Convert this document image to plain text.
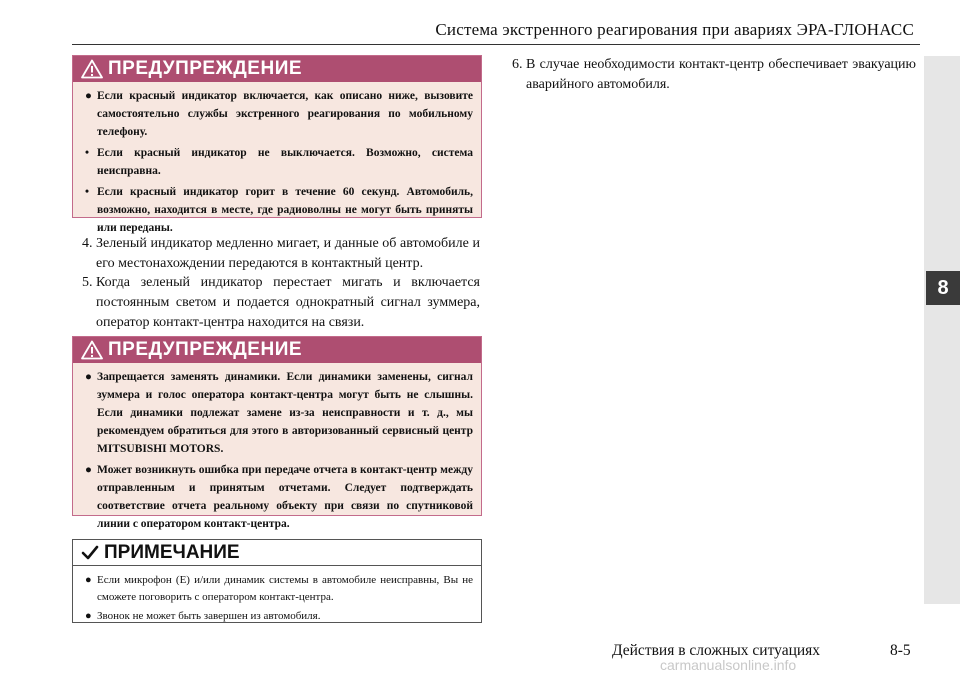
Система экстренного реагирования при авариях ЭРА-ГЛОНАСС
8
ПРЕДУПРЕЖДЕНИЕ

● Если красный индикатор включается, как описано ниже, вызовите самостоятельно службы экстренного реагирования по мобильному телефону.

• Если красный индикатор не выключается. Возможно, система неисправна.

• Если красный индикатор горит в течение 60 секунд. Автомобиль, возможно, находится в месте, где радиоволны не могут быть приняты или переданы.

4. Зеленый индикатор медленно мигает, и данные об автомобиле и его местонахождении передаются в контактный центр.
5. Когда зеленый индикатор перестает мигать и включается постоянным светом и подается однократный сигнал зуммера, оператор контакт-центра находится на связи.
ПРЕДУПРЕЖДЕНИЕ

● Запрещается заменять динамики. Если динамики заменены, сигнал зуммера и голос оператора контакт-центра могут быть не слышны. Если динамики подлежат замене из-за неисправности и т. д., мы рекомендуем обратиться для этого в авторизованный сервисный центр MITSUBISHI MOTORS.

● Может возникнуть ошибка при передаче отчета в контакт-центр между отправленным и принятым отчетами. Следует подтверждать соответствие отчета реальному объекту при связи по спутниковой линии с оператором контакт-центра.

ПРИМЕЧАНИЕ

● Если микрофон (E) и/или динамик системы в автомобиле неисправны, Вы не сможете поговорить с оператором контакт-центра.

● Звонок не может быть завершен из автомобиля.

6. В случае необходимости контакт-центр обеспечивает эвакуацию аварийного автомобиля.
Действия в сложных ситуациях	8-5
carmanualsonline.info
